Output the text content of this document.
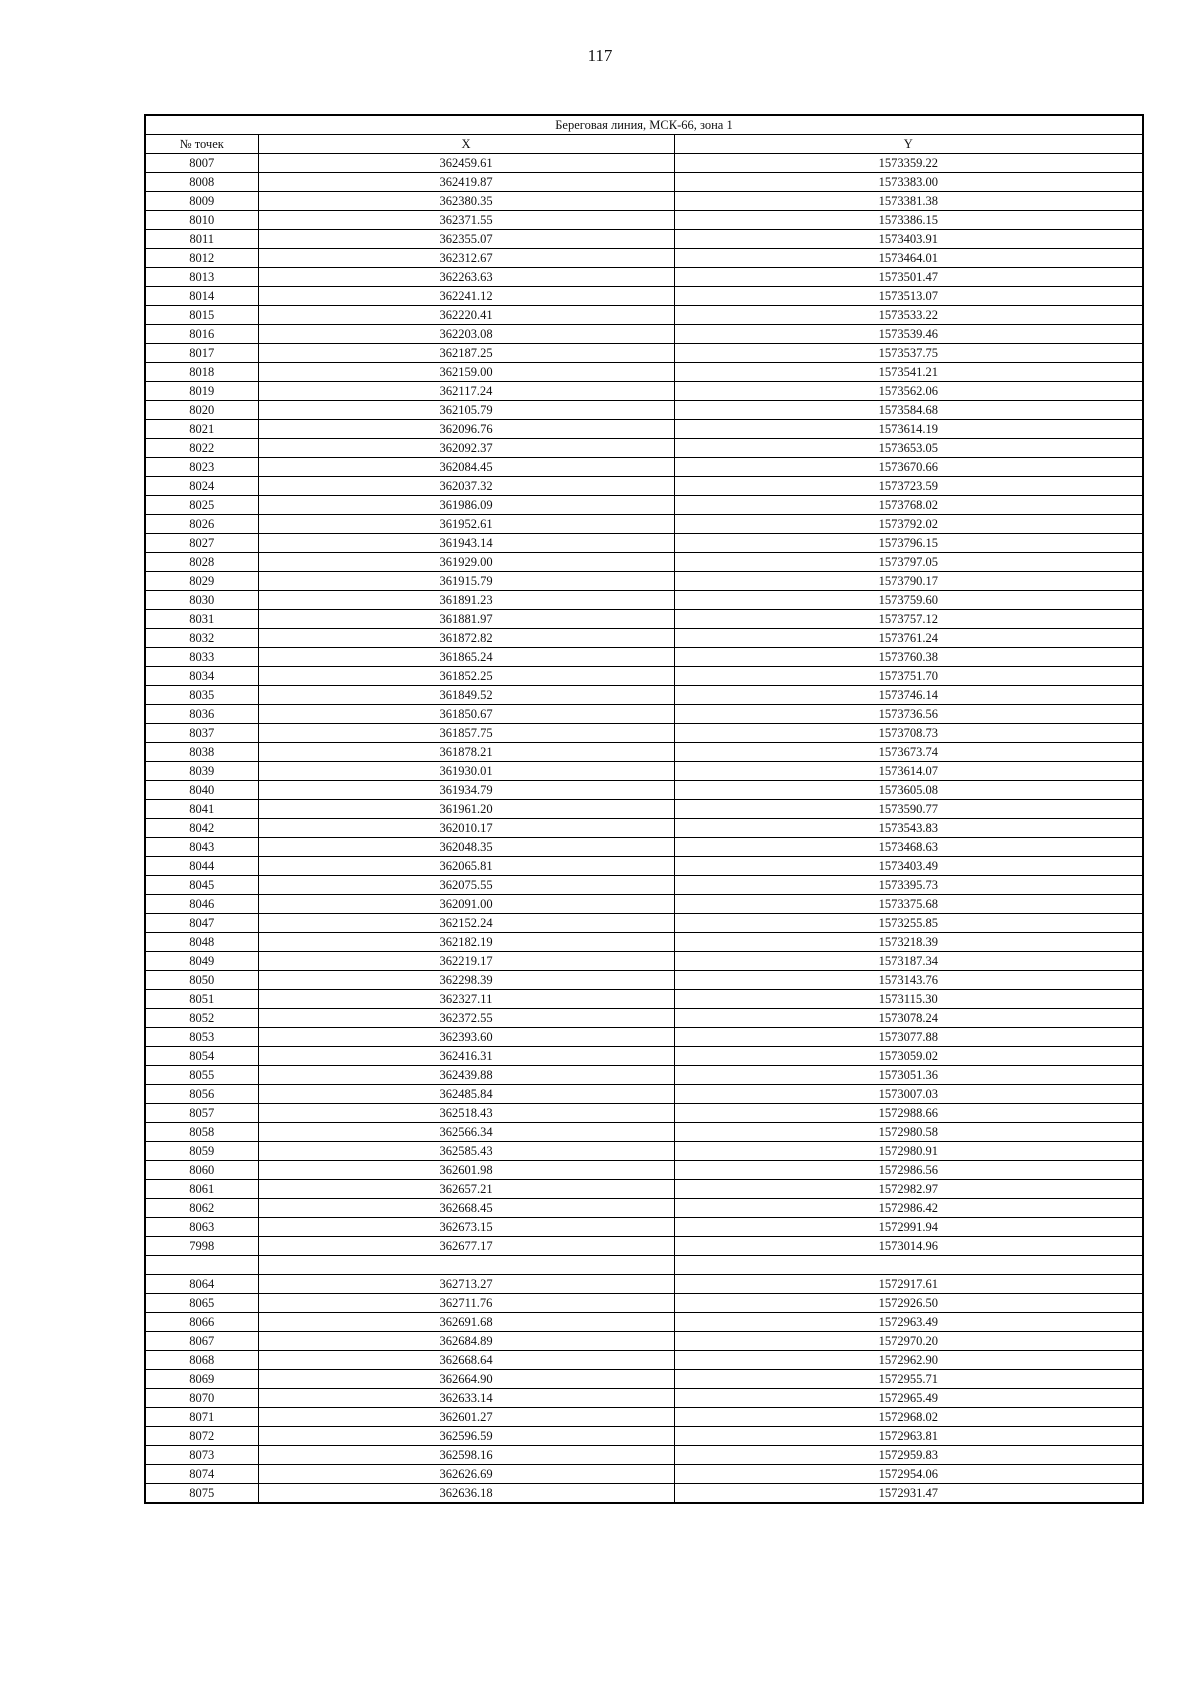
117
Береговая линия, МСК-66, зона 1		
№ точек	X	Y
8007	362459.61	1573359.22
8008	362419.87	1573383.00
8009	362380.35	1573381.38
8010	362371.55	1573386.15
8011	362355.07	1573403.91
8012	362312.67	1573464.01
8013	362263.63	1573501.47
8014	362241.12	1573513.07
8015	362220.41	1573533.22
8016	362203.08	1573539.46
8017	362187.25	1573537.75
8018	362159.00	1573541.21
8019	362117.24	1573562.06
8020	362105.79	1573584.68
8021	362096.76	1573614.19
8022	362092.37	1573653.05
8023	362084.45	1573670.66
8024	362037.32	1573723.59
8025	361986.09	1573768.02
8026	361952.61	1573792.02
8027	361943.14	1573796.15
8028	361929.00	1573797.05
8029	361915.79	1573790.17
8030	361891.23	1573759.60
8031	361881.97	1573757.12
8032	361872.82	1573761.24
8033	361865.24	1573760.38
8034	361852.25	1573751.70
8035	361849.52	1573746.14
8036	361850.67	1573736.56
8037	361857.75	1573708.73
8038	361878.21	1573673.74
8039	361930.01	1573614.07
8040	361934.79	1573605.08
8041	361961.20	1573590.77
8042	362010.17	1573543.83
8043	362048.35	1573468.63
8044	362065.81	1573403.49
8045	362075.55	1573395.73
8046	362091.00	1573375.68
8047	362152.24	1573255.85
8048	362182.19	1573218.39
8049	362219.17	1573187.34
8050	362298.39	1573143.76
8051	362327.11	1573115.30
8052	362372.55	1573078.24
8053	362393.60	1573077.88
8054	362416.31	1573059.02
8055	362439.88	1573051.36
8056	362485.84	1573007.03
8057	362518.43	1572988.66
8058	362566.34	1572980.58
8059	362585.43	1572980.91
8060	362601.98	1572986.56
8061	362657.21	1572982.97
8062	362668.45	1572986.42
8063	362673.15	1572991.94
7998	362677.17	1573014.96

8064	362713.27	1572917.61
8065	362711.76	1572926.50
8066	362691.68	1572963.49
8067	362684.89	1572970.20
8068	362668.64	1572962.90
8069	362664.90	1572955.71
8070	362633.14	1572965.49
8071	362601.27	1572968.02
8072	362596.59	1572963.81
8073	362598.16	1572959.83
8074	362626.69	1572954.06
8075	362636.18	1572931.47
